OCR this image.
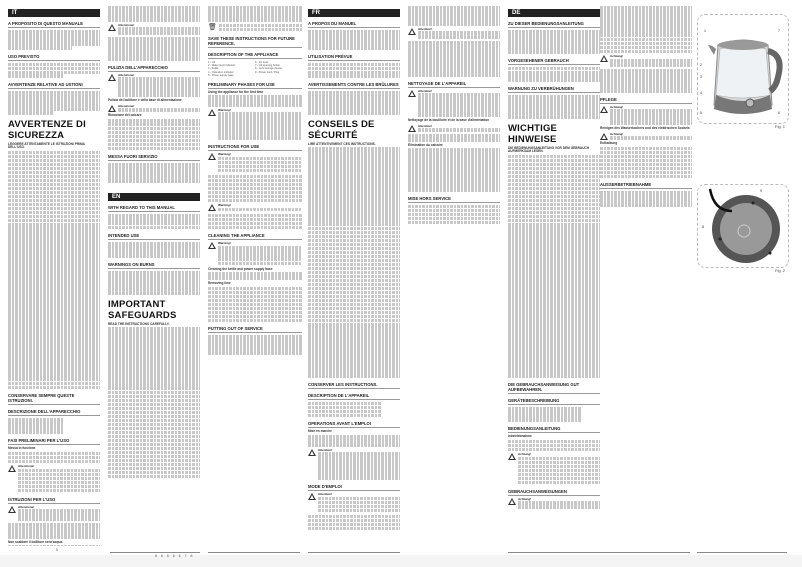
IT
A PROPOSITO DI QUESTO MANUALE
USO PREVISTO
AVVERTENZE RELATIVE AD USTIONI
AVVERTENZE DI SICUREZZA
LEGGERE ATTENTAMENTE LE ISTRUZIONI PRIMA DELL'USO.
CONSERVARE SEMPRE QUESTE ISTRUZIONI.
DESCRIZIONE DELL'APPARECCHIO
FASI PRELIMINARI PER L'USO
Messa in funzione
Attenzione!
ISTRUZIONI PER L'USO
Attenzione!
Non scaldare il bollitore senz'acqua.
Attenzione!
PULIZIA DELL'APPARECCHIO
Attenzione!
Pulizia del bollitore e della base di alimentazione
Attenzione!
Rimozione del calcare
MESSA FUORI SERVIZIO
EN
WITH REGARD TO THIS MANUAL
INTENDED USE
WARNINGS ON BURNS
IMPORTANT SAFEGUARDS
READ THE INSTRUCTIONS CAREFULLY.
🗑
SAVE THESE INSTRUCTIONS FOR FUTURE REFERENCE.
DESCRIPTION OF THE APPLIANCE
1 - Lid	6 - On lever
2 - Water level indicator	7 - Lid opening button
3 - Kettle	8 - Cord storage device
4 - Operation indicator	9 - Power cord / Plug
5 - Power supply base
PRELIMINARY PHASES FOR USE
Using the appliance for the first time
Warning!
INSTRUCTIONS FOR USE
Warning!
Warning!
CLEANING THE APPLIANCE
Warning!
Cleaning the kettle and power supply base
Removing lime
PUTTING OUT OF SERVICE
FR
A PROPOS DU MANUEL
UTILISATION PRÉVUE
AVERTISSEMENTS CONTRE LES BRÛLURES
CONSEILS DE SÉCURITÉ
LIRE ATTENTIVEMENT CES INSTRUCTIONS.
CONSERVER LES INSTRUCTIONS.
DESCRIPTION DE L'APPAREIL
OPERATIONS AVANT L'EMPLOI
Mise en marche
Attention!
MODE D'EMPLOI
Attention!
Attention!
NETTOYAGE DE L'APPAREIL
Attention!
Nettoyage de la bouilloire et de la base d'alimentation
Attention!
Élimination du calcaire
MISE HORS SERVICE
DE
ZU DIESER BEDIENUNGSANLEITUNG
VORGESEHENER GEBRAUCH
WARNUNG ZU VERBRÜHUNGEN
WICHTIGE HINWEISE
DIE BEDIENUNGSANLEITUNG VOR DEM GEBRAUCH AUFMERKSAM LESEN.
DIE GEBRAUCHSANWEISUNG GUT AUFBEWAHREN.
GERÄTEBESCHREIBUNG
BEDIENUNGSANLEITUNG
Inbetriebnahme
Achtung!
GEBRAUCHSANWEISUNGEN
Achtung!
Achtung!
PFLEGE
Achtung!
Reinigen des Wasserkochers und des elektrischen Sockels
Achtung!
Entkalkung
AUSSERBETRIEBNAHME
1
2
3
4
5	6
7
Fig. 1
9
8
Fig. 2
5
6 6 6 6 6 7 8
